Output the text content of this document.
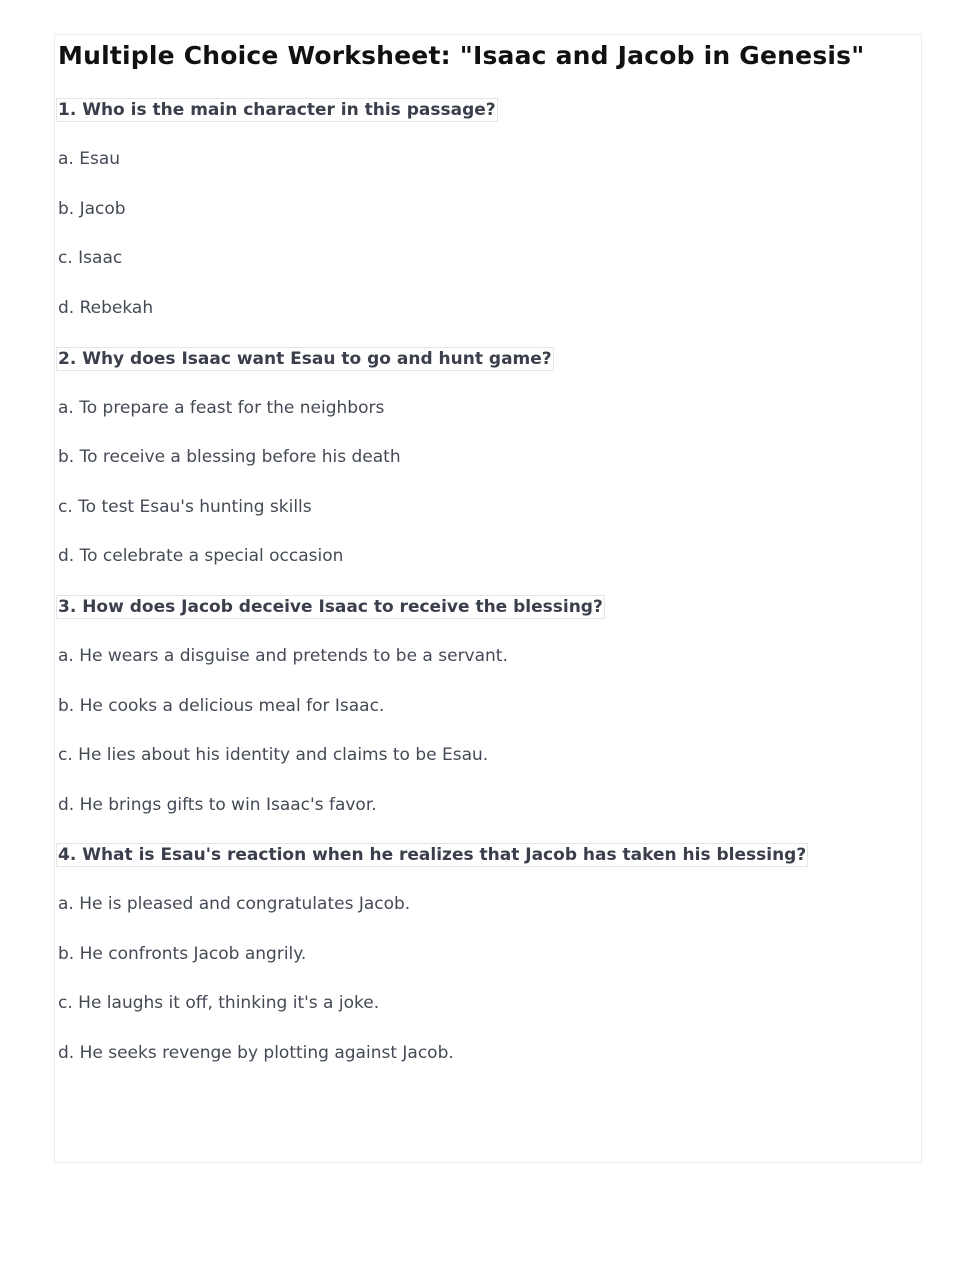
Multiple Choice Worksheet: "Isaac and Jacob in Genesis"
1. Who is the main character in this passage?
a. Esau
b. Jacob
c. Isaac
d. Rebekah
2. Why does Isaac want Esau to go and hunt game?
a. To prepare a feast for the neighbors
b. To receive a blessing before his death
c. To test Esau's hunting skills
d. To celebrate a special occasion
3. How does Jacob deceive Isaac to receive the blessing?
a. He wears a disguise and pretends to be a servant.
b. He cooks a delicious meal for Isaac.
c. He lies about his identity and claims to be Esau.
d. He brings gifts to win Isaac's favor.
4. What is Esau's reaction when he realizes that Jacob has taken his blessing?
a. He is pleased and congratulates Jacob.
b. He confronts Jacob angrily.
c. He laughs it off, thinking it's a joke.
d. He seeks revenge by plotting against Jacob.
